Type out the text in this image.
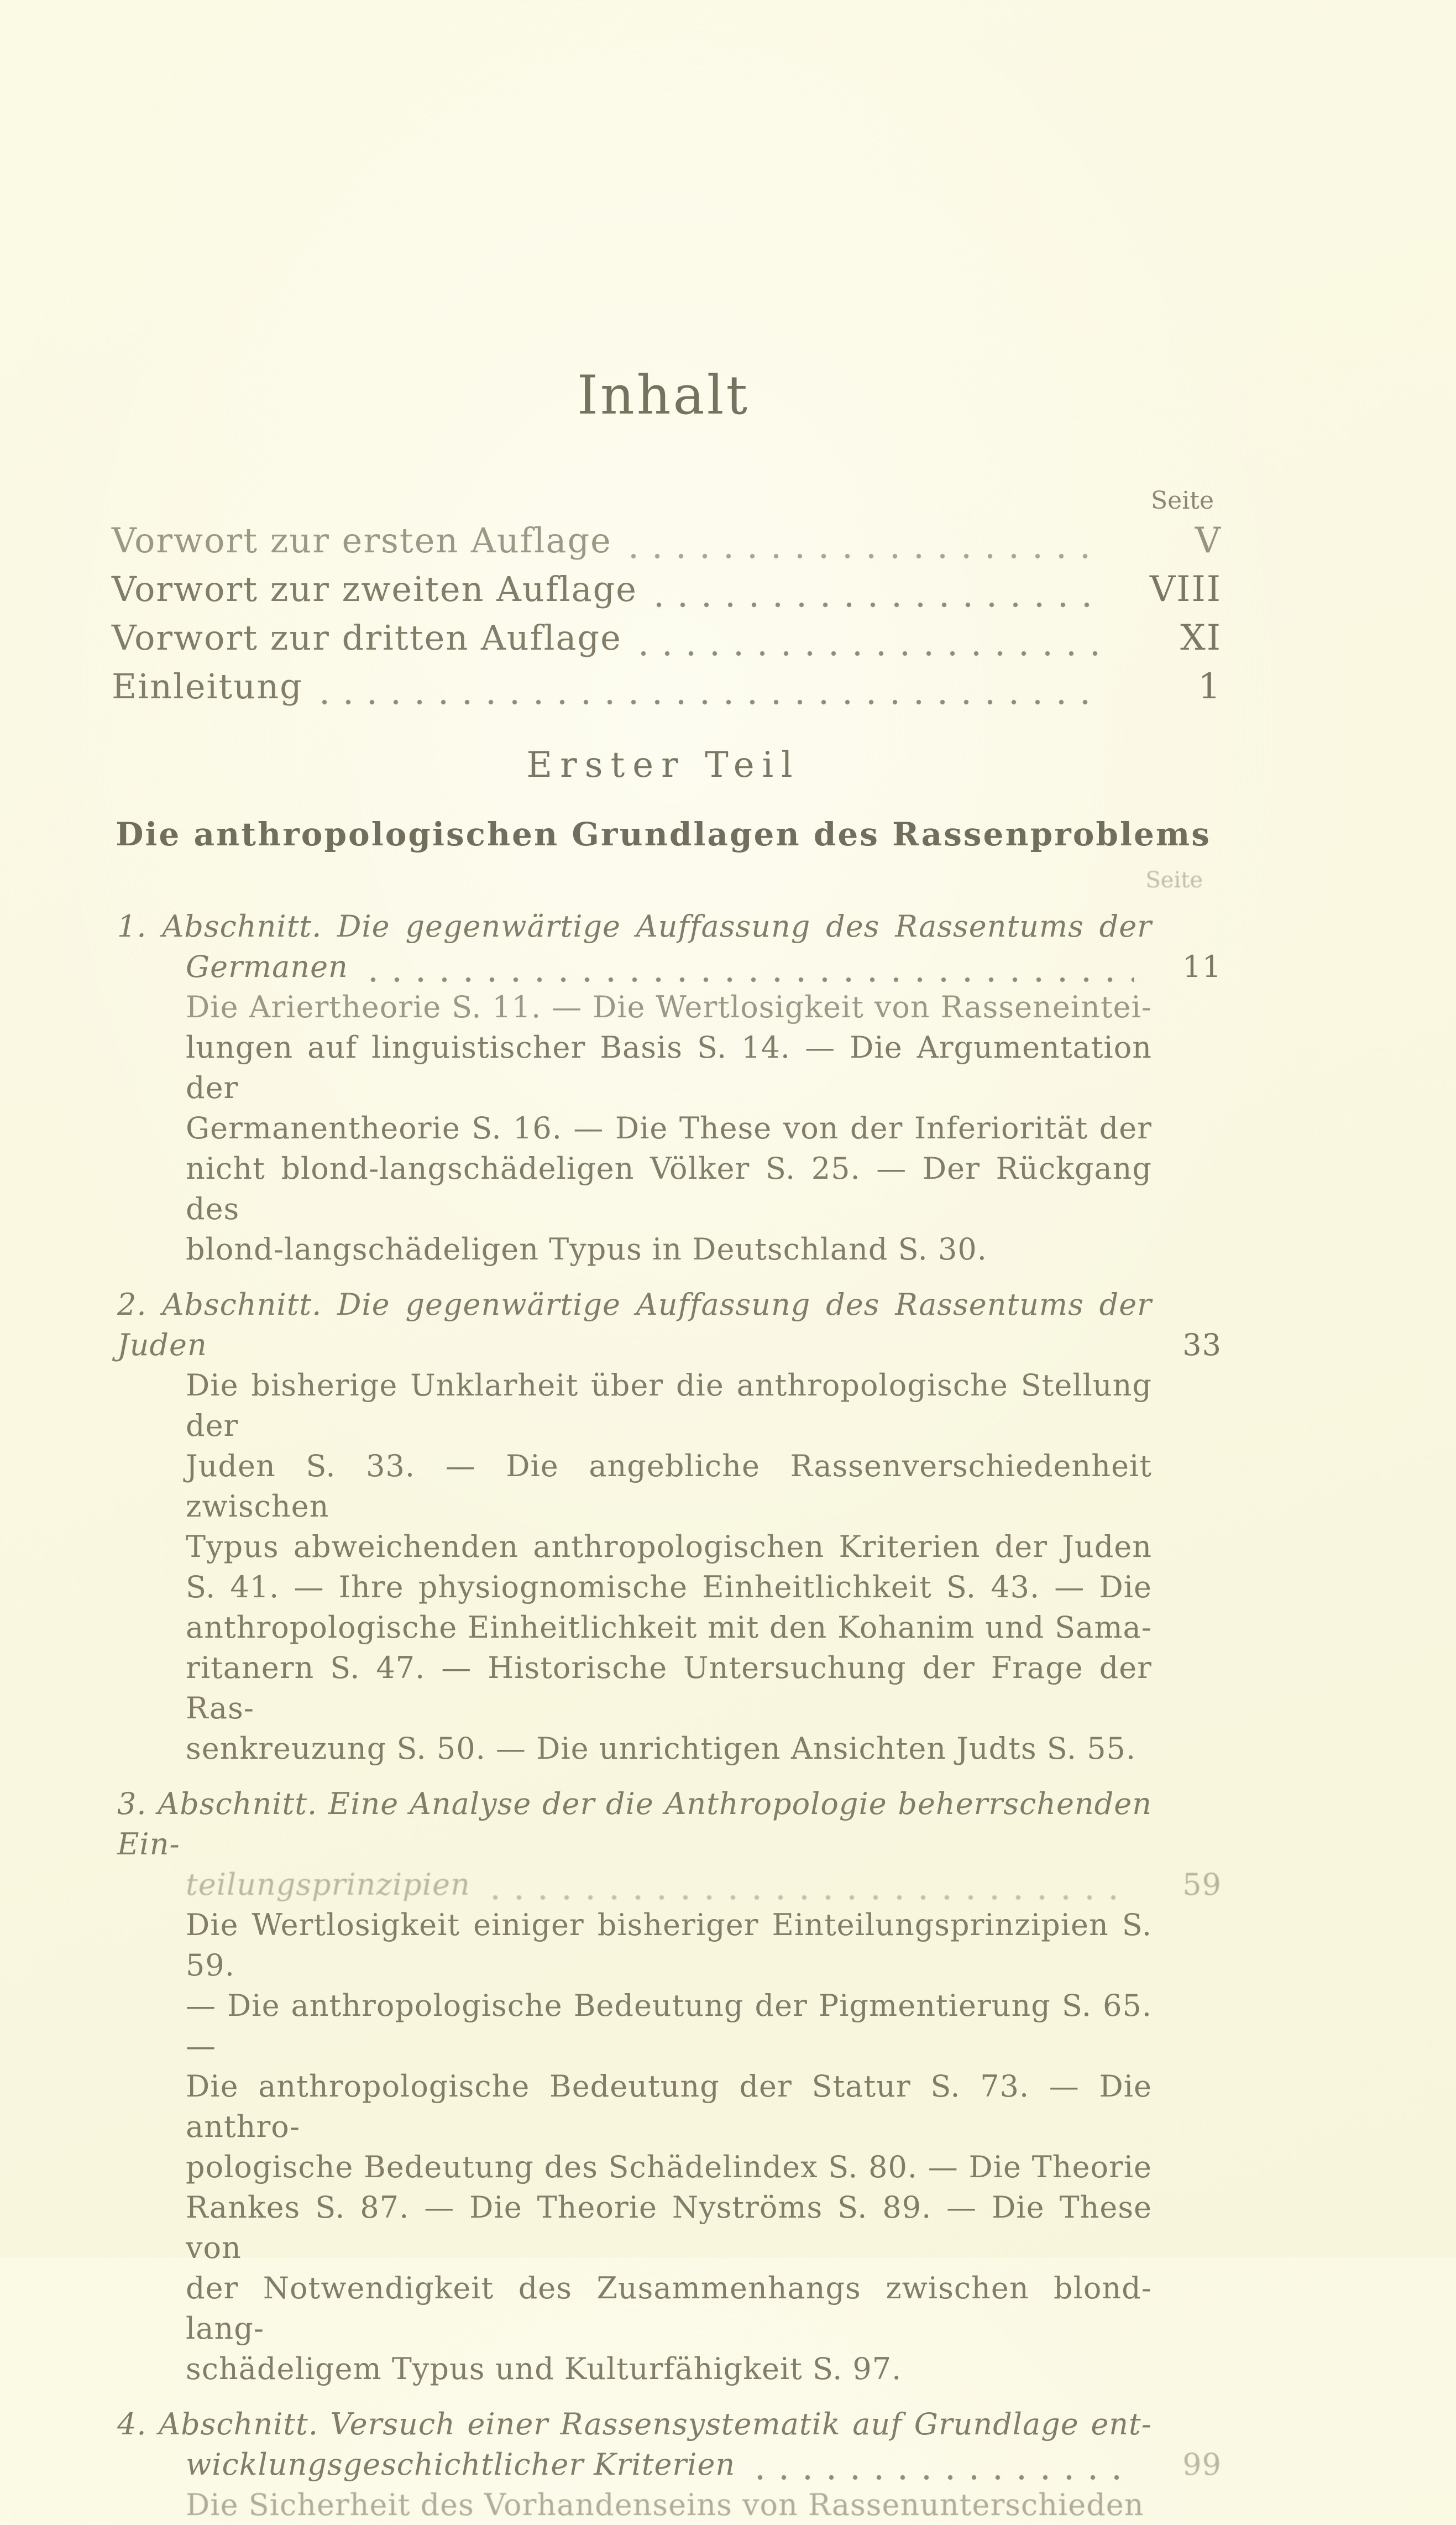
Inhalt
Seite
Vorwort zur ersten Auflage	V
Vorwort zur zweiten Auflage	VIII
Vorwort zur dritten Auflage	XI
Einleitung	1
Erster Teil
Die anthropologischen Grundlagen des Rassenproblems
Seite
1. Abschnitt. Die gegenwärtige Auffassung des Rassentums der
Germanen	11
Die Ariertheorie S. 11. — Die Wertlosigkeit von Rasseneintei-
lungen auf linguistischer Basis S. 14. — Die Argumentation der
Germanentheorie S. 16. — Die These von der Inferiorität der
nicht blond-langschädeligen Völker S. 25. — Der Rückgang des
blond-langschädeligen Typus in Deutschland S. 30.
2. Abschnitt. Die gegenwärtige Auffassung des Rassentums der Juden	33
Die bisherige Unklarheit über die anthropologische Stellung der
Juden S. 33. — Die angebliche Rassenverschiedenheit zwischen
Typus abweichenden anthropologischen Kriterien der Juden
S. 41. — Ihre physiognomische Einheitlichkeit S. 43. — Die
anthropologische Einheitlichkeit mit den Kohanim und Sama-
ritanern S. 47. — Historische Untersuchung der Frage der Ras-
senkreuzung S. 50. — Die unrichtigen Ansichten Judts S. 55.
3. Abschnitt. Eine Analyse der die Anthropologie beherrschenden Ein-
teilungsprinzipien	59
Die Wertlosigkeit einiger bisheriger Einteilungsprinzipien S. 59.
— Die anthropologische Bedeutung der Pigmentierung S. 65. —
Die anthropologische Bedeutung der Statur S. 73. — Die anthro-
pologische Bedeutung des Schädelindex S. 80. — Die Theorie
Rankes S. 87. — Die Theorie Nyströms S. 89. — Die These von
der Notwendigkeit des Zusammenhangs zwischen blond-lang-
schädeligem Typus und Kulturfähigkeit S. 97.
4. Abschnitt. Versuch einer Rassensystematik auf Grundlage ent-
wicklungsgeschichtlicher Kriterien	99
Die Sicherheit des Vorhandenseins von Rassenunterschieden
